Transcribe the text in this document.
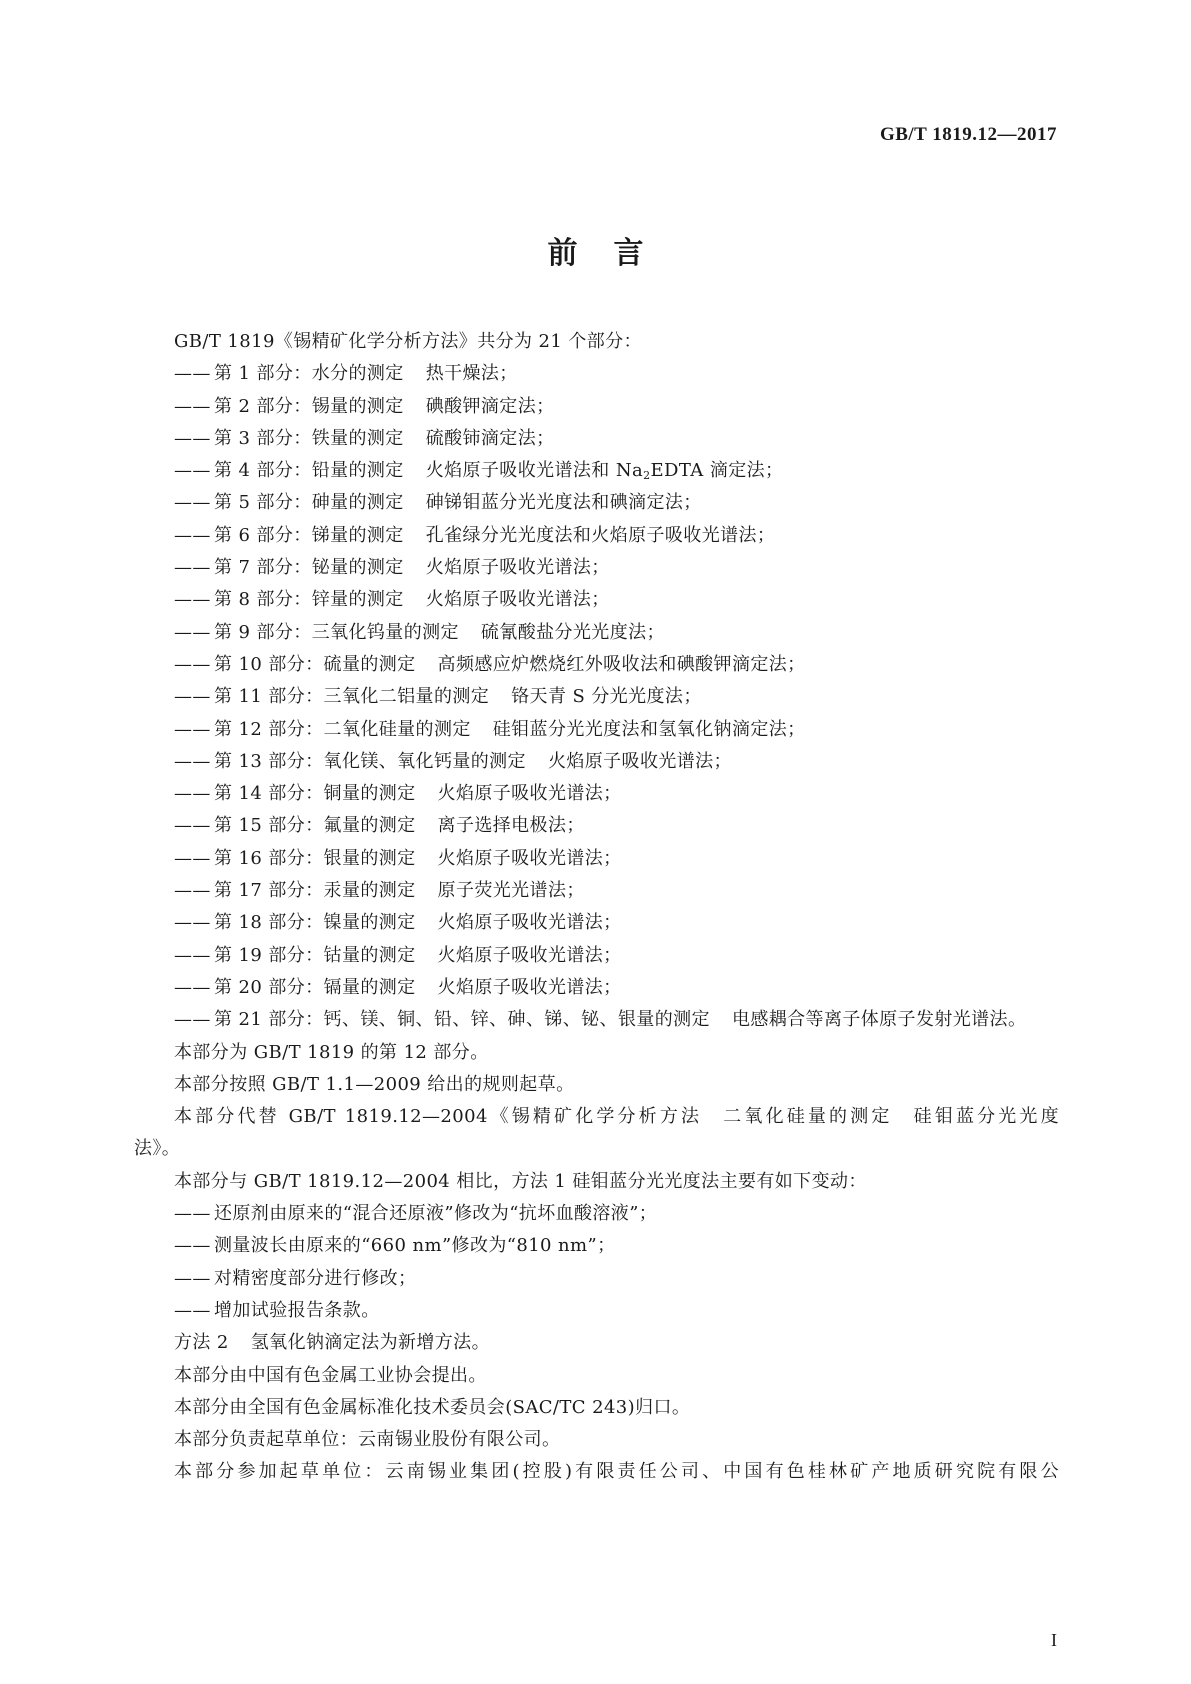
GB/T 1819.12—2017
前言
GB/T 1819《锡精矿化学分析方法》共分为 21 个部分：
—— 第 1 部分：水分的测定 热干燥法；
—— 第 2 部分：锡量的测定 碘酸钾滴定法；
—— 第 3 部分：铁量的测定 硫酸铈滴定法；
—— 第 4 部分：铅量的测定 火焰原子吸收光谱法和 $Na_2EDTA$ 滴定法；
—— 第 5 部分：砷量的测定 砷锑钼蓝分光光度法和碘滴定法；
—— 第 6 部分：锑量的测定 孔雀绿分光光度法和火焰原子吸收光谱法；
—— 第 7 部分：铋量的测定 火焰原子吸收光谱法；
—— 第 8 部分：锌量的测定 火焰原子吸收光谱法；
—— 第 9 部分：三氧化钨量的测定 硫氰酸盐分光光度法；
—— 第 10 部分：硫量的测定 高频感应炉燃烧红外吸收法和碘酸钾滴定法；
—— 第 11 部分：三氧化二铝量的测定 铬天青 S 分光光度法；
—— 第 12 部分：二氧化硅量的测定 硅钼蓝分光光度法和氢氧化钠滴定法；
—— 第 13 部分：氧化镁、氧化钙量的测定 火焰原子吸收光谱法；
—— 第 14 部分：铜量的测定 火焰原子吸收光谱法；
—— 第 15 部分：氟量的测定 离子选择电极法；
—— 第 16 部分：银量的测定 火焰原子吸收光谱法；
—— 第 17 部分：汞量的测定 原子荧光光谱法；
—— 第 18 部分：镍量的测定 火焰原子吸收光谱法；
—— 第 19 部分：钴量的测定 火焰原子吸收光谱法；
—— 第 20 部分：镉量的测定 火焰原子吸收光谱法；
—— 第 21 部分：钙、镁、铜、铅、锌、砷、锑、铋、银量的测定 电感耦合等离子体原子发射光谱法。
本部分为 GB/T 1819 的第 12 部分。
本部分按照 GB/T 1.1—2009 给出的规则起草。
本部分代替 GB/T 1819.12—2004《锡精矿化学分析方法　二氧化硅量的测定　硅钼蓝分光光度
法》。
本部分与 GB/T 1819.12—2004 相比，方法 1 硅钼蓝分光光度法主要有如下变动：
—— 还原剂由原来的“混合还原液”修改为“抗坏血酸溶液”；
—— 测量波长由原来的“660 nm”修改为“810 nm”；
—— 对精密度部分进行修改；
—— 增加试验报告条款。
方法 2 氢氧化钠滴定法为新增方法。
本部分由中国有色金属工业协会提出。
本部分由全国有色金属标准化技术委员会(SAC/TC 243)归口。
本部分负责起草单位：云南锡业股份有限公司。
本部分参加起草单位：云南锡业集团(控股)有限责任公司、中国有色桂林矿产地质研究院有限公
I
